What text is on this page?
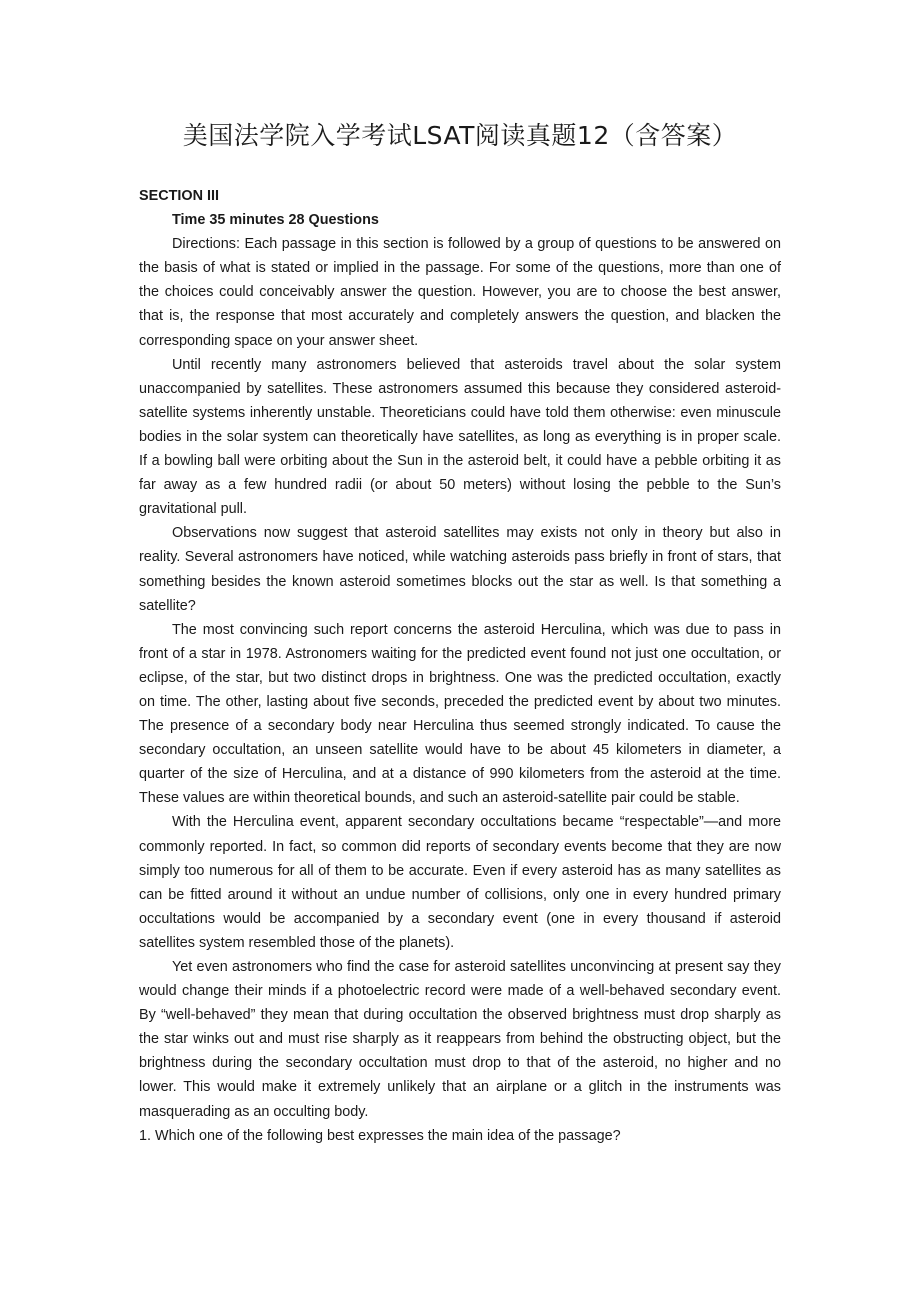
美国法学院入学考试LSAT阅读真题12（含答案）

SECTION III

Time 35 minutes 28 Questions

Directions: Each passage in this section is followed by a group of questions to be answered on the basis of what is stated or implied in the passage. For some of the questions, more than one of the choices could conceivably answer the question. However, you are to choose the best answer, that is, the response that most accurately and completely answers the question, and blacken the corresponding space on your answer sheet.

Until recently many astronomers believed that asteroids travel about the solar system unaccompanied by satellites. These astronomers assumed this because they considered asteroid-satellite systems inherently unstable. Theoreticians could have told them otherwise: even minuscule bodies in the solar system can theoretically have satellites, as long as everything is in proper scale. If a bowling ball were orbiting about the Sun in the asteroid belt, it could have a pebble orbiting it as far away as a few hundred radii (or about 50 meters) without losing the pebble to the Sun’s gravitational pull.

Observations now suggest that asteroid satellites may exists not only in theory but also in reality. Several astronomers have noticed, while watching asteroids pass briefly in front of stars, that something besides the known asteroid sometimes blocks out the star as well. Is that something a satellite?

The most convincing such report concerns the asteroid Herculina, which was due to pass in front of a star in 1978. Astronomers waiting for the predicted event found not just one occultation, or eclipse, of the star, but two distinct drops in brightness. One was the predicted occultation, exactly on time. The other, lasting about five seconds, preceded the predicted event by about two minutes. The presence of a secondary body near Herculina thus seemed strongly indicated. To cause the secondary occultation, an unseen satellite would have to be about 45 kilometers in diameter, a quarter of the size of Herculina, and at a distance of 990 kilometers from the asteroid at the time. These values are within theoretical bounds, and such an asteroid-satellite pair could be stable.

With the Herculina event, apparent secondary occultations became “respectable”—and more commonly reported. In fact, so common did reports of secondary events become that they are now simply too numerous for all of them to be accurate. Even if every asteroid has as many satellites as can be fitted around it without an undue number of collisions, only one in every hundred primary occultations would be accompanied by a secondary event (one in every thousand if asteroid satellites system resembled those of the planets).

Yet even astronomers who find the case for asteroid satellites unconvincing at present say they would change their minds if a photoelectric record were made of a well-behaved secondary event. By “well-behaved” they mean that during occultation the observed brightness must drop sharply as the star winks out and must rise sharply as it reappears from behind the obstructing object, but the brightness during the secondary occultation must drop to that of the asteroid, no higher and no lower. This would make it extremely unlikely that an airplane or a glitch in the instruments was masquerading as an occulting body.

1. Which one of the following best expresses the main idea of the passage?
